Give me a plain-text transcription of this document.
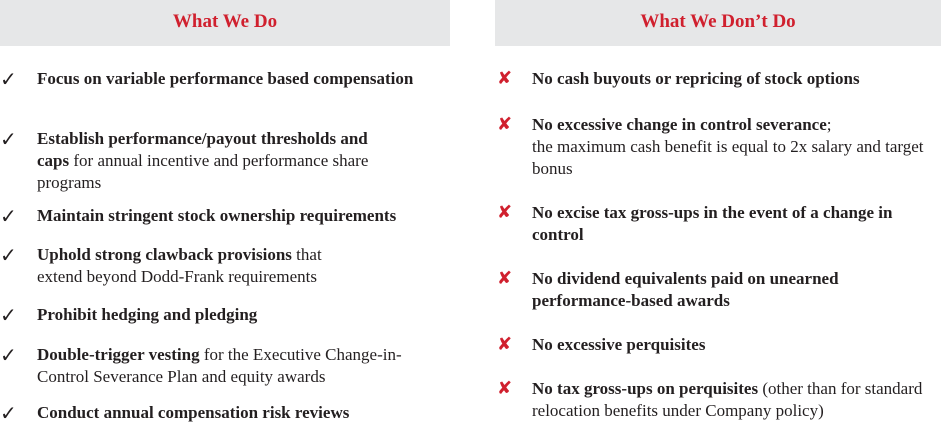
What We Do
✓ Focus on variable performance based compensation
✓ Establish performance/payout thresholds and caps for annual incentive and performance share programs
✓ Maintain stringent stock ownership requirements
✓ Uphold strong clawback provisions that extend beyond Dodd-Frank requirements
✓ Prohibit hedging and pledging
✓ Double-trigger vesting for the Executive Change-in-Control Severance Plan and equity awards
✓ Conduct annual compensation risk reviews
What We Don’t Do
✘ No cash buyouts or repricing of stock options
✘ No excessive change in control severance;
the maximum cash benefit is equal to 2x salary and target bonus
✘ No excise tax gross-ups in the event of a change in control
✘ No dividend equivalents paid on unearned performance-based awards
✘ No excessive perquisites
✘ No tax gross-ups on perquisites (other than for standard relocation benefits under Company policy)
